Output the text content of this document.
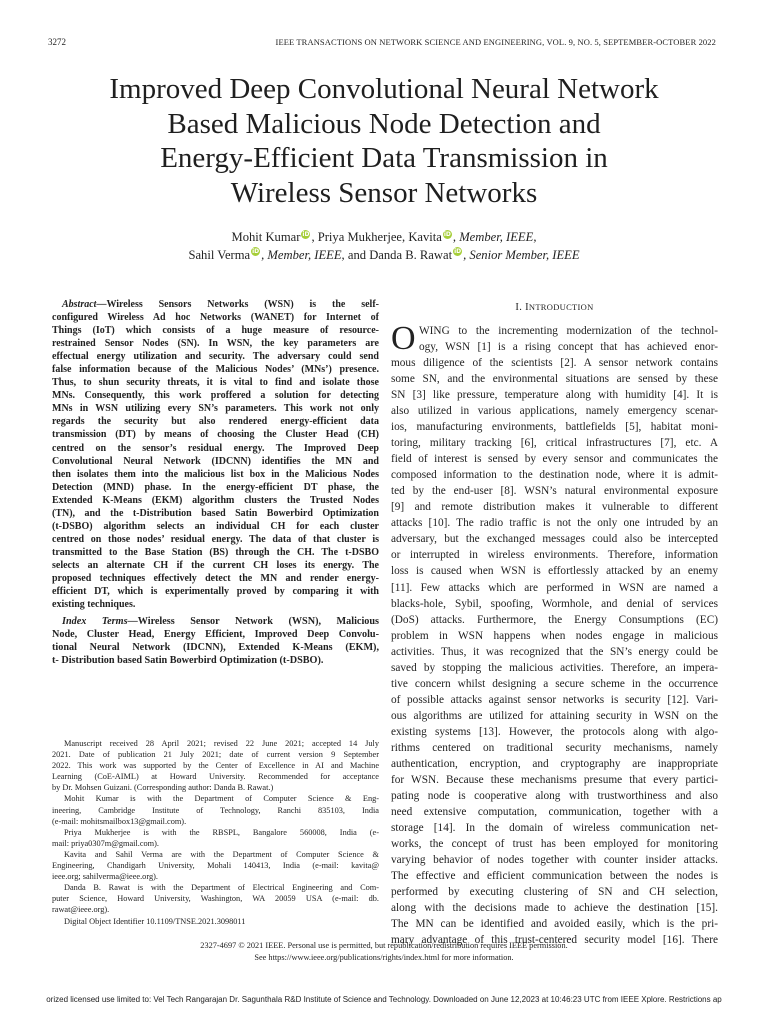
3272	IEEE TRANSACTIONS ON NETWORK SCIENCE AND ENGINEERING, VOL. 9, NO. 5, SEPTEMBER-OCTOBER 2022
Improved Deep Convolutional Neural Network
Based Malicious Node Detection and
Energy-Efficient Data Transmission in
Wireless Sensor Networks
Mohit Kumar iD , Priya Mukherjee, Kavita iD , Member, IEEE,
Sahil Verma iD , Member, IEEE, and Danda B. Rawat iD , Senior Member, IEEE
Abstract—Wireless Sensors Networks (WSN) is the self-
configured Wireless Ad hoc Networks (WANET) for Internet of
Things (IoT) which consists of a huge measure of resource-
restrained Sensor Nodes (SN). In WSN, the key parameters are
effectual energy utilization and security. The adversary could send
false information because of the Malicious Nodes’ (MNs’) presence.
Thus, to shun security threats, it is vital to find and isolate those
MNs. Consequently, this work proffered a solution for detecting
MNs in WSN utilizing every SN’s parameters. This work not only
regards the security but also rendered energy-efficient data
transmission (DT) by means of choosing the Cluster Head (CH)
centred on the sensor’s residual energy. The Improved Deep
Convolutional Neural Network (IDCNN) identifies the MN and
then isolates them into the malicious list box in the Malicious Nodes
Detection (MND) phase. In the energy-efficient DT phase, the
Extended K-Means (EKM) algorithm clusters the Trusted Nodes
(TN), and the t-Distribution based Satin Bowerbird Optimization
(t-DSBO) algorithm selects an individual CH for each cluster
centred on those nodes’ residual energy. The data of that cluster is
transmitted to the Base Station (BS) through the CH. The t-DSBO
selects an alternate CH if the current CH loses its energy. The
proposed techniques effectively detect the MN and render energy-
efficient DT, which is experimentally proved by comparing it with
existing techniques.
Index Terms—Wireless Sensor Network (WSN), Malicious
Node, Cluster Head, Energy Efficient, Improved Deep Convolu-
tional Neural Network (IDCNN), Extended K-Means (EKM),
t- Distribution based Satin Bowerbird Optimization (t-DSBO).
Manuscript received 28 April 2021; revised 22 June 2021; accepted 14 July
2021. Date of publication 21 July 2021; date of current version 9 September
2022. This work was supported by the Center of Excellence in AI and Machine
Learning (CoE-AIML) at Howard University. Recommended for acceptance
by Dr. Mohsen Guizani. (Corresponding author: Danda B. Rawat.)
Mohit Kumar is with the Department of Computer Science & Eng-
ineering, Cambridge Institute of Technology, Ranchi 835103, India
(e-mail: mohitsmailbox13@gmail.com).
Priya Mukherjee is with the RBSPL, Bangalore 560008, India (e-
mail: priya0307m@gmail.com).
Kavita and Sahil Verma are with the Department of Computer Science &
Engineering, Chandigarh University, Mohali 140413, India (e-mail: kavita@
ieee.org; sahilverma@ieee.org).
Danda B. Rawat is with the Department of Electrical Engineering and Com-
puter Science, Howard University, Washington, WA 20059 USA (e-mail: db.
rawat@ieee.org).
Digital Object Identifier 10.1109/TNSE.2021.3098011
I. INTRODUCTION
O WING to the incrementing modernization of the technol-
ogy, WSN [1] is a rising concept that has achieved enor-
mous diligence of the scientists [2]. A sensor network contains
some SN, and the environmental situations are sensed by these
SN [3] like pressure, temperature along with humidity [4]. It is
also utilized in various applications, namely emergency scenar-
ios, manufacturing environments, battlefields [5], habitat moni-
toring, military tracking [6], critical infrastructures [7], etc. A
field of interest is sensed by every sensor and communicates the
composed information to the destination node, where it is admit-
ted by the end-user [8]. WSN’s natural environmental exposure
[9] and remote distribution makes it vulnerable to different
attacks [10]. The radio traffic is not the only one intruded by an
adversary, but the exchanged messages could also be intercepted
or interrupted in wireless environments. Therefore, information
loss is caused when WSN is effortlessly attacked by an enemy
[11]. Few attacks which are performed in WSN are named a
blacks-hole, Sybil, spoofing, Wormhole, and denial of services
(DoS) attacks. Furthermore, the Energy Consumptions (EC)
problem in WSN happens when nodes engage in malicious
activities. Thus, it was recognized that the SN’s energy could be
saved by stopping the malicious activities. Therefore, an impera-
tive concern whilst designing a secure scheme in the occurrence
of possible attacks against sensor networks is security [12]. Vari-
ous algorithms are utilized for attaining security in WSN on the
existing systems [13]. However, the protocols along with algo-
rithms centered on traditional security mechanisms, namely
authentication, encryption, and cryptography are inappropriate
for WSN. Because these mechanisms presume that every partici-
pating node is cooperative along with trustworthiness and also
need extensive computation, communication, together with a
storage [14]. In the domain of wireless communication net-
works, the concept of trust has been employed for monitoring
varying behavior of nodes together with counter insider attacks.
The effective and efficient communication between the nodes is
performed by executing clustering of SN and CH selection,
along with the decisions made to achieve the destination [15].
The MN can be identified and avoided easily, which is the pri-
mary advantage of this trust-centered security model [16]. There
2327-4697 © 2021 IEEE. Personal use is permitted, but republication/redistribution requires IEEE permission.
See https://www.ieee.org/publications/rights/index.html for more information.
orized licensed use limited to: Vel Tech Rangarajan Dr. Sagunthala R&D Institute of Science and Technology. Downloaded on June 12,2023 at 10:46:23 UTC from IEEE Xplore. Restrictions ap
